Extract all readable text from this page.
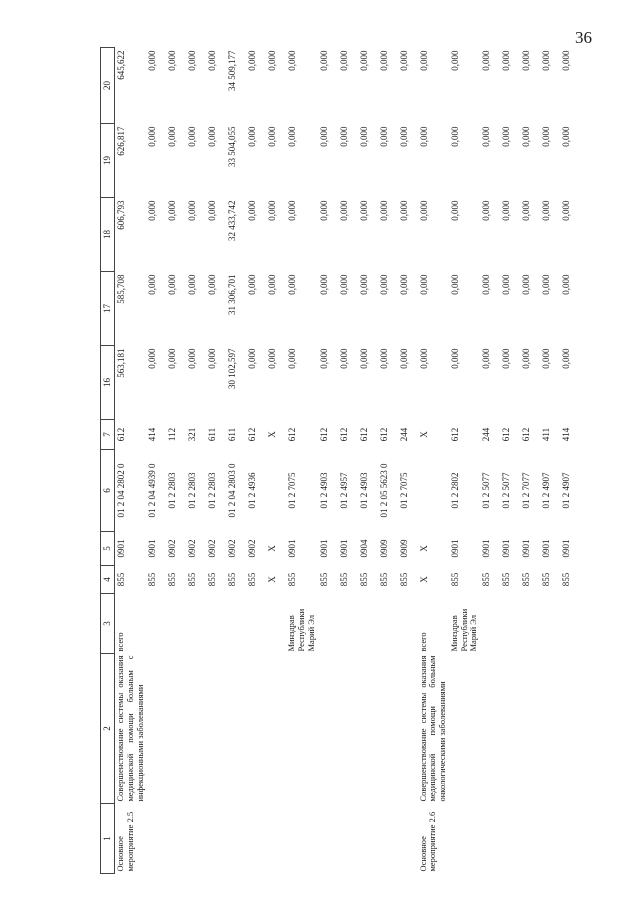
36
1	2	3	4	5	6	7	16	17	18	19	20
Основное мероприятие 2.5	Совершенствование системы оказания медицинской помощи больным с инфекционными заболеваниями	всего	855	0901	01 2 04 2802 0	612	563,181	585,708	606,793	626,817	645,622
			855	0901	01 2 04 4939 0	414	0,000	0,000	0,000	0,000	0,000
			855	0902	01 2 2803	112	0,000	0,000	0,000	0,000	0,000
			855	0902	01 2 2803	321	0,000	0,000	0,000	0,000	0,000
			855	0902	01 2 2803	611	0,000	0,000	0,000	0,000	0,000
			855	0902	01 2 04 2803 0	611	30 102,597	31 306,701	32 433,742	33 504,055	34 509,177
			855	0902	01 2 4936	612	0,000	0,000	0,000	0,000	0,000
			Х	Х		Х	0,000	0,000	0,000	0,000	0,000
		Минздрав Республики Марий Эл	855	0901	01 2 7075	612	0,000	0,000	0,000	0,000	0,000
			855	0901	01 2 4903	612	0,000	0,000	0,000	0,000	0,000
			855	0901	01 2 4957	612	0,000	0,000	0,000	0,000	0,000
			855	0904	01 2 4903	612	0,000	0,000	0,000	0,000	0,000
			855	0909	01 2 05 5623 0	612	0,000	0,000	0,000	0,000	0,000
			855	0909	01 2 7075	244	0,000	0,000	0,000	0,000	0,000
Основное мероприятие 2.6	Совершенствование системы оказания медицинской помощи больным онкологическими заболеваниями	всего	Х	Х		Х	0,000	0,000	0,000	0,000	0,000
		Минздрав Республики Марий Эл	855	0901	01 2 2802	612	0,000	0,000	0,000	0,000	0,000
			855	0901	01 2 5077	244	0,000	0,000	0,000	0,000	0,000
			855	0901	01 2 5077	612	0,000	0,000	0,000	0,000	0,000
			855	0901	01 2 7077	612	0,000	0,000	0,000	0,000	0,000
			855	0901	01 2 4907	411	0,000	0,000	0,000	0,000	0,000
			855	0901	01 2 4907	414	0,000	0,000	0,000	0,000	0,000
